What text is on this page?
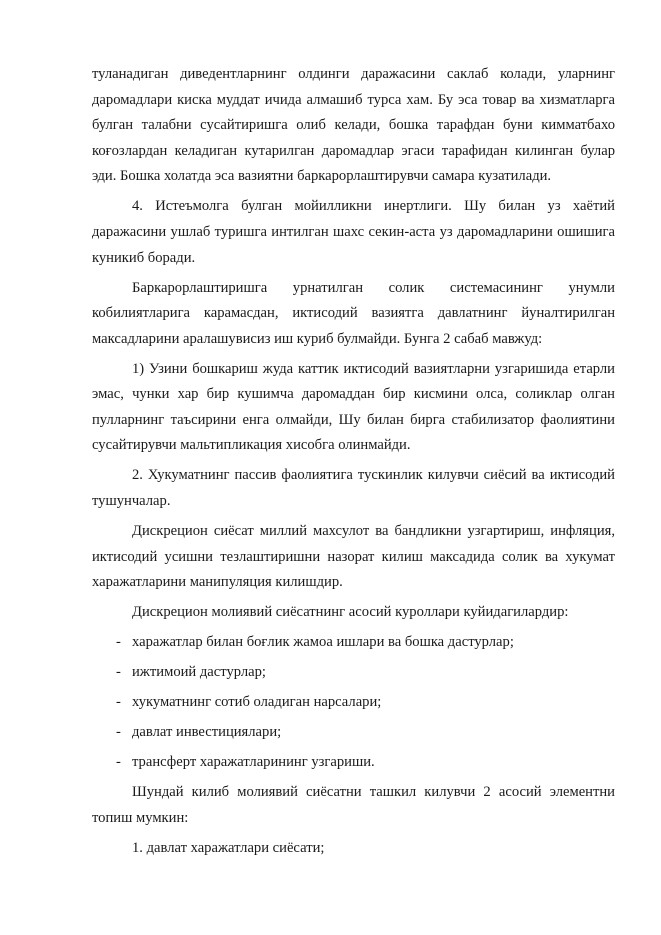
туланадиган диведентларнинг олдинги даражасини саклаб колади, уларнинг даромадлари киска муддат ичида алмашиб турса хам. Бу эса товар ва хизматларга булган талабни сусайтиришга олиб келади, бошка тарафдан буни кимматбахо коғозлардан келадиган кутарилган даромадлар эгаси тарафидан килинган булар эди. Бошка холатда эса вазиятни баркарорлаштирувчи самара кузатилади.

4. Истеъмолга булган мойилликни инертлиги. Шу билан уз хаётий даражасини ушлаб туришга интилган шахс секин-аста уз даромадларини ошишига куникиб боради.

Баркарорлаштиришга урнатилган солик системасининг унумли кобилиятларига карамасдан, иктисодий вазиятга давлатнинг йуналтирилган максадларини аралашувисиз иш куриб булмайди. Бунга 2 сабаб мавжуд:

1) Узини бошкариш жуда каттик иктисодий вазиятларни узгаришида етарли эмас, чунки хар бир кушимча даромаддан бир кисмини олса, соликлар олган пулларнинг таъсирини енга олмайди, Шу билан бирга стабилизатор фаолиятини сусайтирувчи мальтипликация хисобга олинмайди.

2. Хукуматнинг пассив фаолиятига тускинлик килувчи сиёсий ва иктисодий тушунчалар.

Дискрецион сиёсат миллий махсулот ва бандликни узгартириш, инфляция, иктисодий усишни тезлаштиришни назорат килиш максадида солик ва хукумат харажатларини манипуляция килишдир.

Дискрецион молиявий сиёсатнинг асосий куроллари куйидагилардир:

- харажатлар билан боғлик жамоа ишлари ва бошка дастурлар;
- ижтимоий дастурлар;
- хукуматнинг сотиб оладиган нарсалари;
- давлат инвестициялари;
- трансферт харажатларининг узгариши.

Шундай килиб молиявий сиёсатни ташкил килувчи 2 асосий элементни топиш мумкин:

1. давлат харажатлари сиёсати;
